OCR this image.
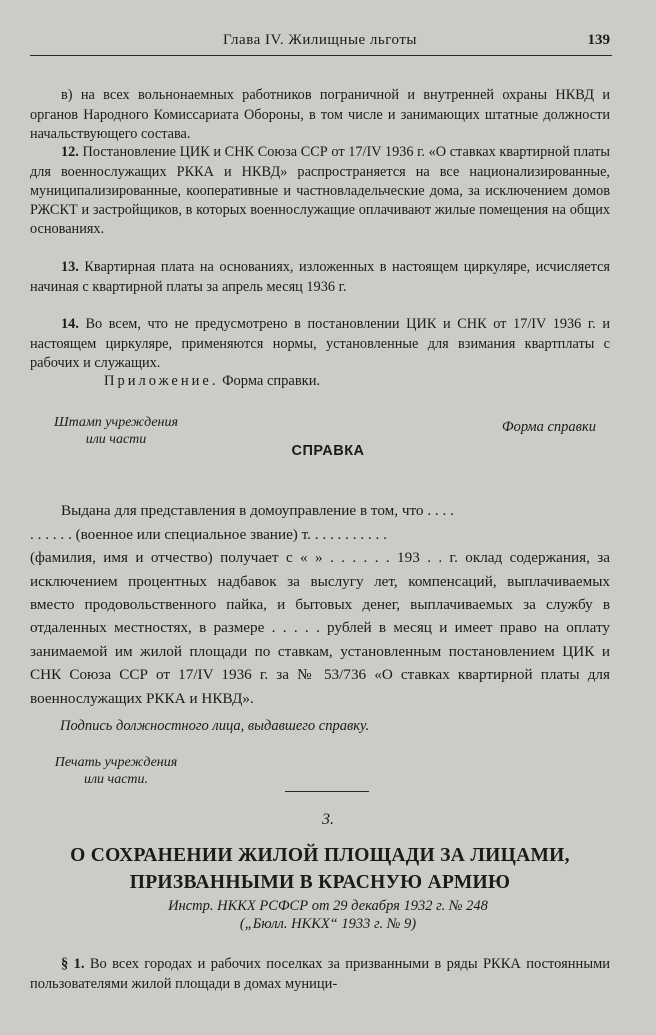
Глава IV. Жилищные льготы	139

в) на всех вольнонаемных работников пограничной и внутренней охраны НКВД и органов Народного Комиссариата Обороны, в том числе и занимающих штатные должности начальствующего состава.

12. Постановление ЦИК и СНК Союза ССР от 17/IV 1936 г. «О ставках квартирной платы для военнослужащих РККА и НКВД» распространяется на все национализированные, муниципализированные, кооперативные и частновладельческие дома, за исключением домов РЖСКТ и застройщиков, в которых военнослужащие оплачивают жилые помещения на общих основаниях.

13. Квартирная плата на основаниях, изложенных в настоящем циркуляре, исчисляется начиная с квартирной платы за апрель месяц 1936 г.

14. Во всем, что не предусмотрено в постановлении ЦИК и СНК от 17/IV 1936 г. и настоящем циркуляре, применяются нормы, установленные для взимания квартплаты с рабочих и служащих.

Приложение. Форма справки.

Штамп учреждения
или части
Форма справки
СПРАВКА

Выдана для представления в домоуправление в том, что . . . .

. . . . . . (военное или специальное звание) т. . . . . . . . . . .

(фамилия, имя и отчество) получает с « » . . . . . . 193 . . г. оклад содержания, за исключением процентных надбавок за выслугу лет, компенсаций, выплачиваемых вместо продовольственного пайка, и бытовых денег, выплачиваемых за службу в отдаленных местностях, в размере . . . . . рублей в месяц и имеет право на оплату занимаемой им жилой площади по ставкам, установленным постановлением ЦИК и СНК Союза ССР от 17/IV 1936 г. за № 53/736 «О ставках квартирной платы для военнослужащих РККА и НКВД».

Подпись должностного лица, выдавшего справку.

Печать учреждения
или части.
3.
О СОХРАНЕНИИ ЖИЛОЙ ПЛОЩАДИ ЗА ЛИЦАМИ, ПРИЗВАННЫМИ В КРАСНУЮ АРМИЮ
Инстр. НККХ РСФСР от 29 декабря 1932 г. № 248
(„Бюлл. НККХ“ 1933 г. № 9)

§ 1. Во всех городах и рабочих поселках за призванными в ряды РККА постоянными пользователями жилой площади в домах муници-
